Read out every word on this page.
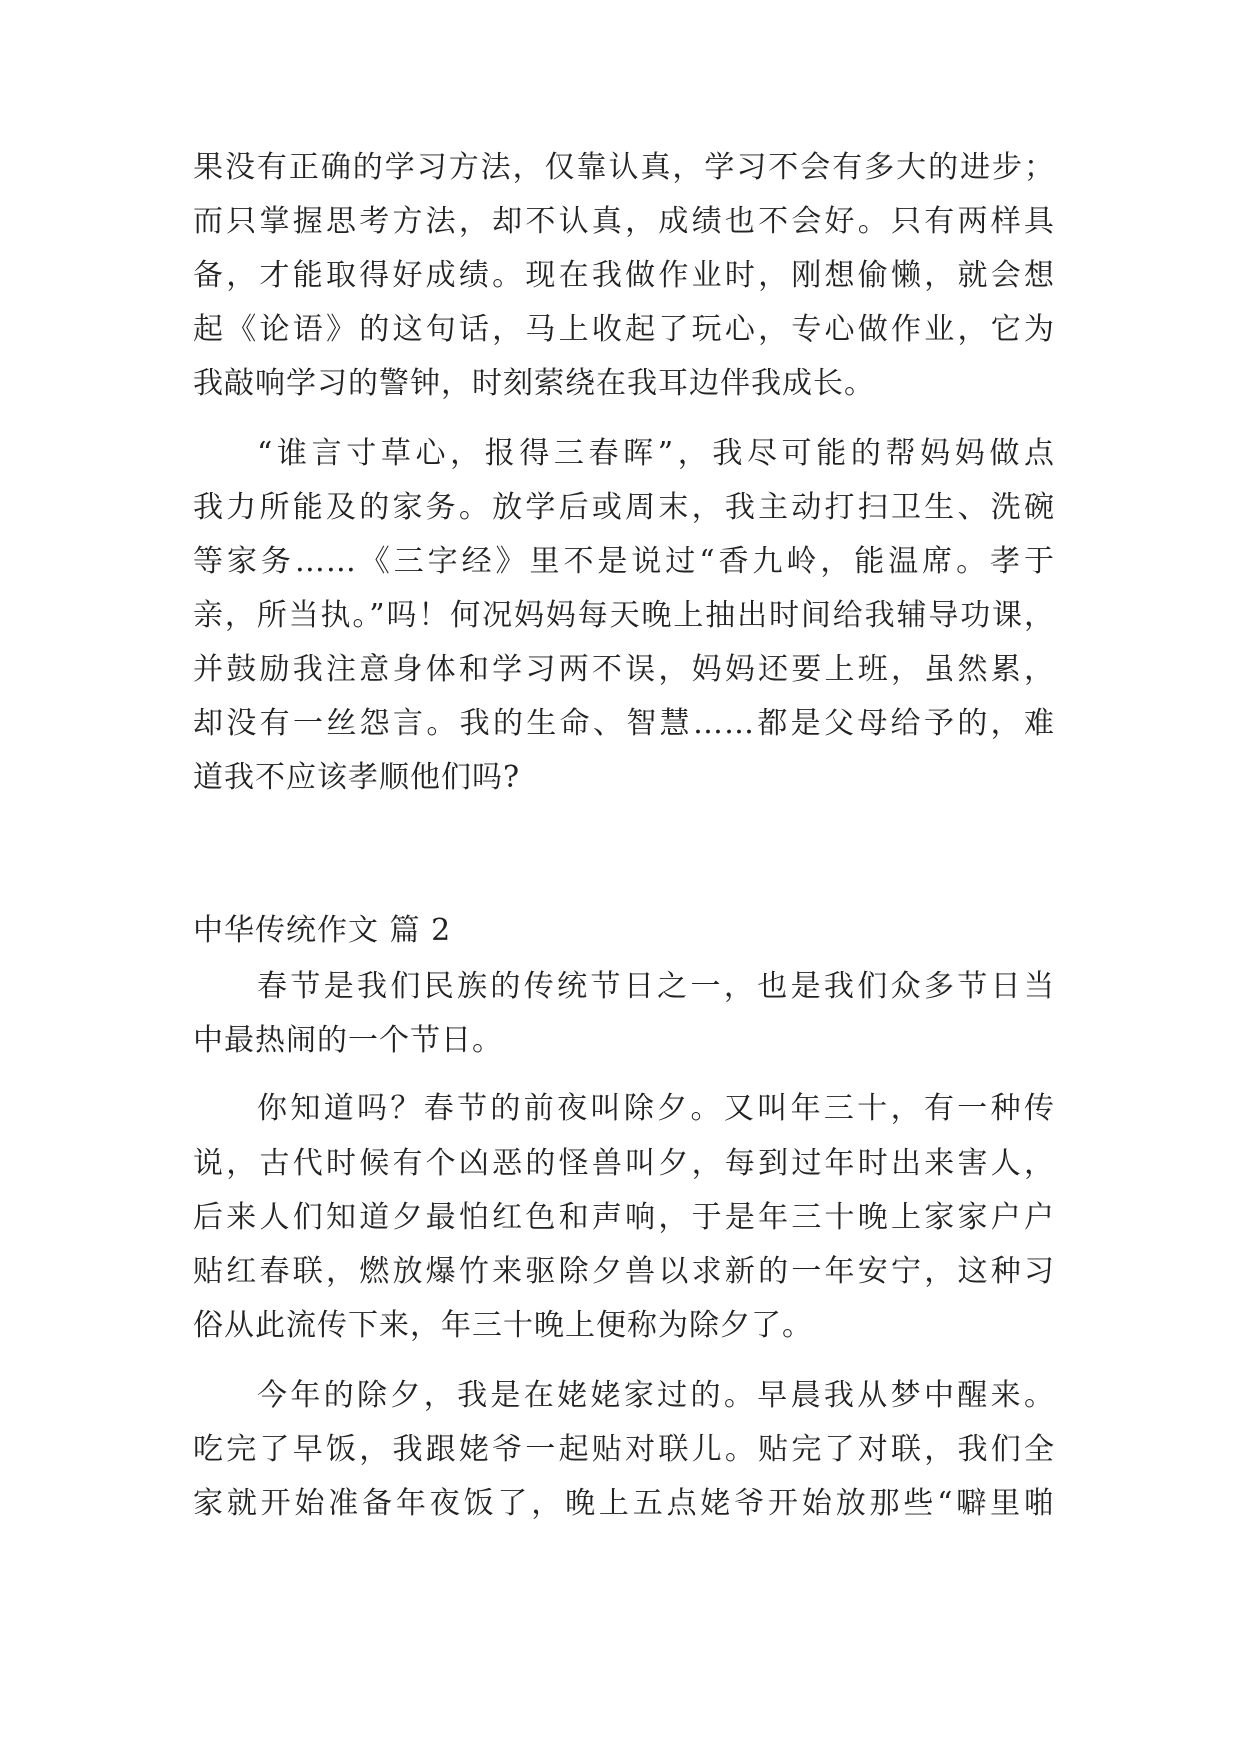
果没有正确的学习方法，仅靠认真，学习不会有多大的进步；

而只掌握思考方法，却不认真，成绩也不会好。只有两样具

备，才能取得好成绩。现在我做作业时，刚想偷懒，就会想

起《论语》的这句话，马上收起了玩心，专心做作业，它为

我敲响学习的警钟，时刻萦绕在我耳边伴我成长。

“谁言寸草心，报得三春晖”，我尽可能的帮妈妈做点

我力所能及的家务。放学后或周末，我主动打扫卫生、洗碗

等家务……《三字经》里不是说过“香九岭，能温席。孝于

亲，所当执。”吗！何况妈妈每天晚上抽出时间给我辅导功课，

并鼓励我注意身体和学习两不误，妈妈还要上班，虽然累，

却没有一丝怨言。我的生命、智慧……都是父母给予的，难

道我不应该孝顺他们吗?

中华传统作文 篇 2

春节是我们民族的传统节日之一，也是我们众多节日当

中最热闹的一个节日。

你知道吗？春节的前夜叫除夕。又叫年三十，有一种传

说，古代时候有个凶恶的怪兽叫夕，每到过年时出来害人，

后来人们知道夕最怕红色和声响，于是年三十晚上家家户户

贴红春联，燃放爆竹来驱除夕兽以求新的一年安宁，这种习

俗从此流传下来，年三十晚上便称为除夕了。

今年的除夕，我是在姥姥家过的。早晨我从梦中醒来。

吃完了早饭，我跟姥爷一起贴对联儿。贴完了对联，我们全

家就开始准备年夜饭了，晚上五点姥爷开始放那些“噼里啪
